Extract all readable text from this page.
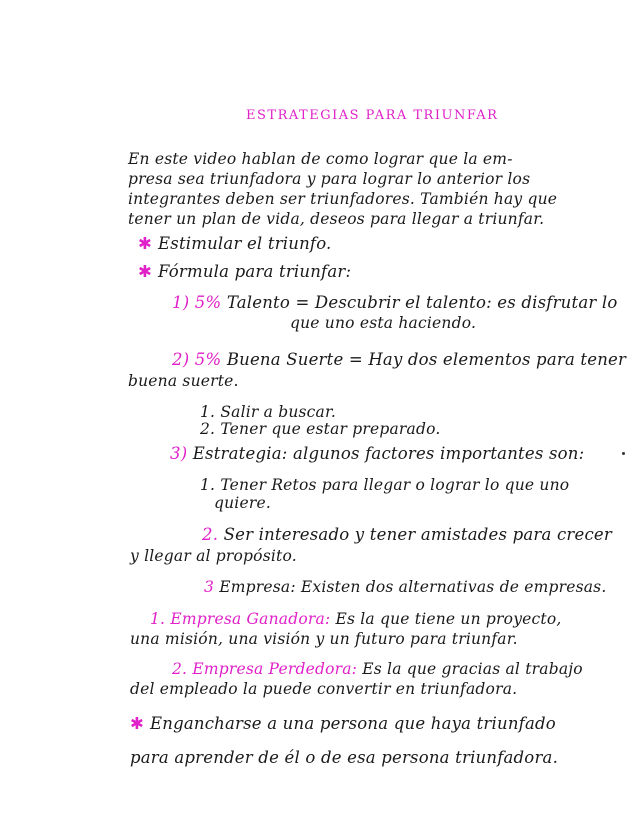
ESTRATEGIAS PARA TRIUNFAR
En este video hablan de como lograr que la em-
presa sea triunfadora y para lograr lo anterior los
integrantes deben ser triunfadores. También hay que
tener un plan de vida, deseos para llegar a triunfar.
✱ Estimular el triunfo.
✱ Fórmula para triunfar:
1) 5% Talento = Descubrir el talento: es disfrutar lo
que uno esta haciendo.
2) 5% Buena Suerte = Hay dos elementos para tener
buena suerte.
1. Salir a buscar.
2. Tener que estar preparado.
3) Estrategia: algunos factores importantes son:
1. Tener Retos para llegar o lograr lo que uno
quiere.
2. Ser interesado y tener amistades para crecer
y llegar al propósito.
3 Empresa: Existen dos alternativas de empresas.
1. Empresa Ganadora: Es la que tiene un proyecto,
una misión, una visión y un futuro para triunfar.
2. Empresa Perdedora: Es la que gracias al trabajo
del empleado la puede convertir en triunfadora.
✱ Engancharse a una persona que haya triunfado
para aprender de él o de esa persona triunfadora.
